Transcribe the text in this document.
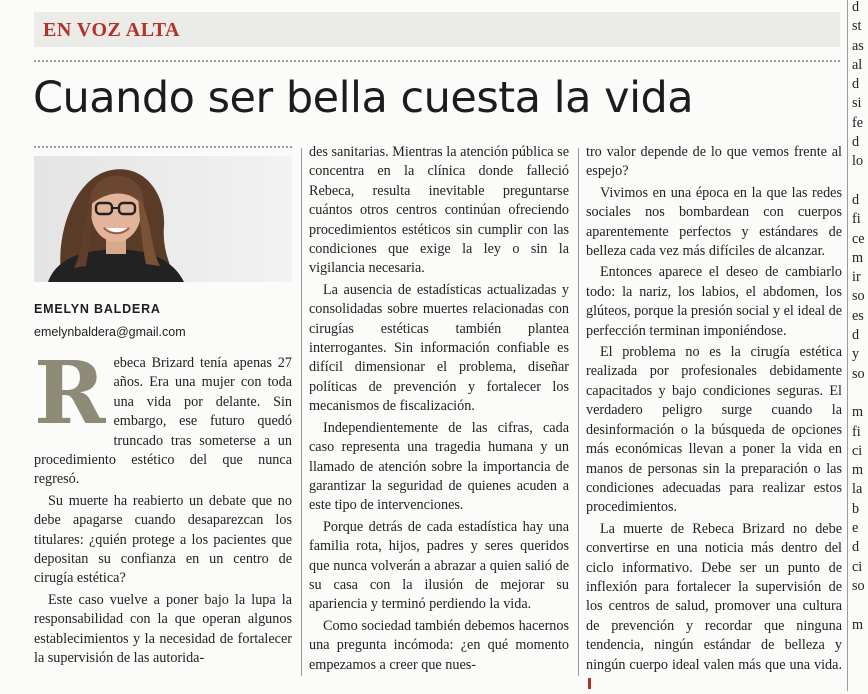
EN VOZ ALTA
Cuando ser bella cuesta la vida
EMELYN BALDERA
emelynbaldera@gmail.com

Rebeca Brizard tenía apenas 27 años. Era una mujer con toda una vida por delante. Sin embargo, ese futuro quedó truncado tras someterse a un procedimiento estético del que nunca regresó.

Su muerte ha reabierto un debate que no debe apagarse cuando desaparezcan los titulares: ¿quién protege a los pacientes que depositan su confianza en un centro de cirugía estética?

Este caso vuelve a poner bajo la lupa la responsabilidad con la que operan algunos establecimientos y la necesidad de fortalecer la supervisión de las autorida-

des sanitarias. Mientras la atención pública se concentra en la clínica donde falleció Rebeca, resulta inevitable preguntarse cuántos otros centros continúan ofreciendo procedimientos estéticos sin cumplir con las condiciones que exige la ley o sin la vigilancia necesaria.

La ausencia de estadísticas actualizadas y consolidadas sobre muertes relacionadas con cirugías estéticas también plantea interrogantes. Sin información confiable es difícil dimensionar el problema, diseñar políticas de prevención y fortalecer los mecanismos de fiscalización.

Independientemente de las cifras, cada caso representa una tragedia humana y un llamado de atención sobre la importancia de garantizar la seguridad de quienes acuden a este tipo de intervenciones.

Porque detrás de cada estadística hay una familia rota, hijos, padres y seres queridos que nunca volverán a abrazar a quien salió de su casa con la ilusión de mejorar su apariencia y terminó perdiendo la vida.

Como sociedad también debemos hacernos una pregunta incómoda: ¿en qué momento empezamos a creer que nues-

tro valor depende de lo que vemos frente al espejo?

Vivimos en una época en la que las redes sociales nos bombardean con cuerpos aparentemente perfectos y estándares de belleza cada vez más difíciles de alcanzar.

Entonces aparece el deseo de cambiarlo todo: la nariz, los labios, el abdomen, los glúteos, porque la presión social y el ideal de perfección terminan imponiéndose.

El problema no es la cirugía estética realizada por profesionales debidamente capacitados y bajo condiciones seguras. El verdadero peligro surge cuando la desinformación o la búsqueda de opciones más económicas llevan a poner la vida en manos de personas sin la preparación o las condiciones adecuadas para realizar estos procedimientos.

La muerte de Rebeca Brizard no debe convertirse en una noticia más dentro del ciclo informativo. Debe ser un punto de inflexión para fortalecer la supervisión de los centros de salud, promover una cultura de prevención y recordar que ninguna tendencia, ningún estándar de belleza y ningún cuerpo ideal valen más que una vida.

d
st
as
al
d
si
fe
d
lo

d
fi
ce
m
ir
so
es
d
y
so

m
fi
ci
m
la
b
e
d
ci
so

m
